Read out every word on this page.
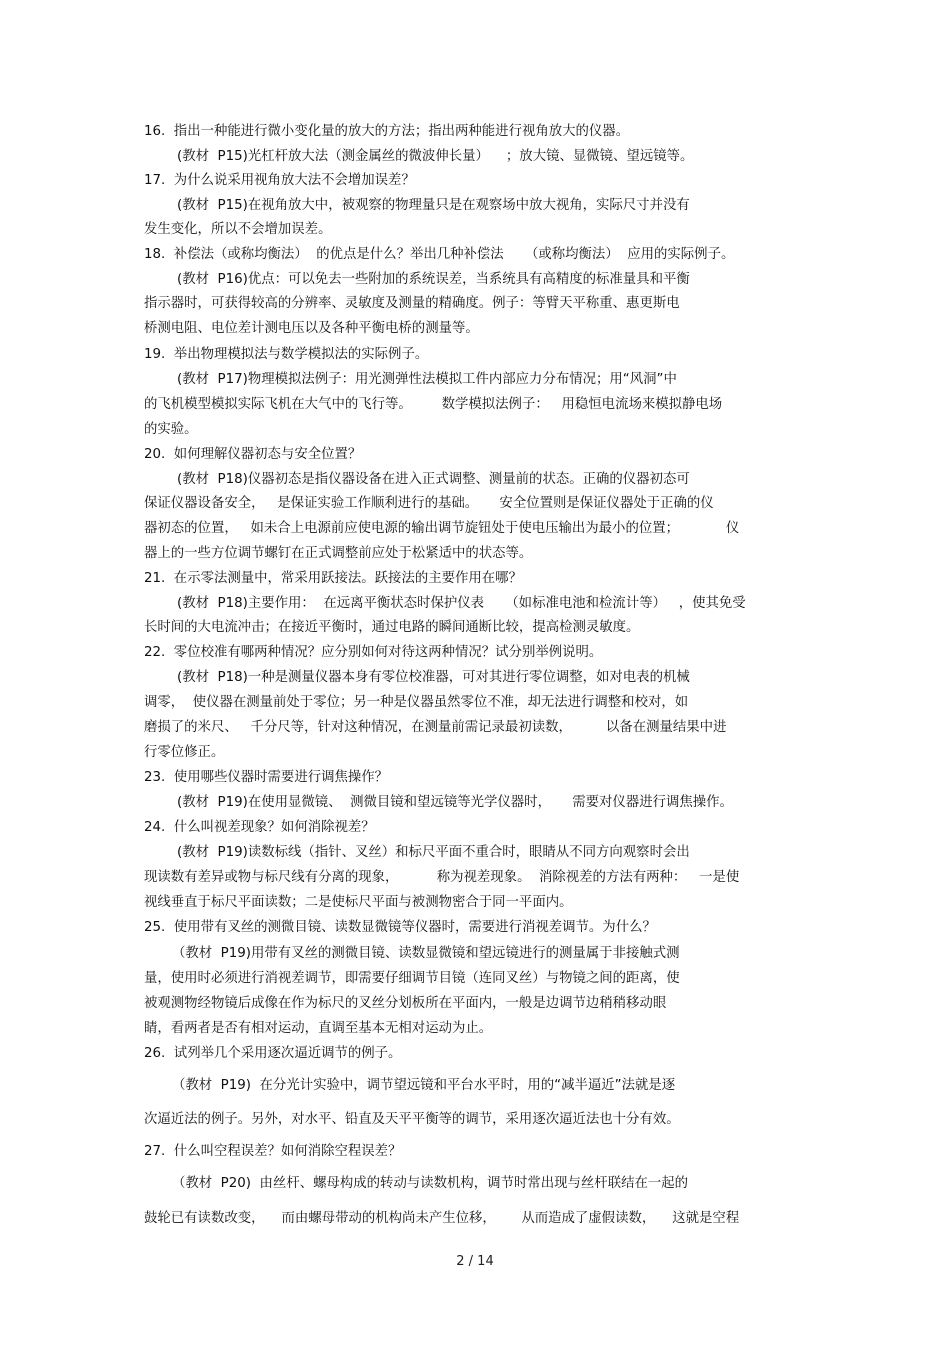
16.  指出一种能进行微小变化量的放大的方法；指出两种能进行视角放大的仪器。
(教材  P15)光杠杆放大法（测金属丝的微波伸长量）    ；放大镜、显微镜、望远镜等。
17.  为什么说采用视角放大法不会增加误差？
(教材  P15)在视角放大中，被观察的物理量只是在观察场中放大视角，实际尺寸并没有
发生变化，所以不会增加误差。
18.  补偿法（或称均衡法）  的优点是什么？举出几种补偿法     （或称均衡法）  应用的实际例子。
(教材  P16)优点：可以免去一些附加的系统误差，当系统具有高精度的标准量具和平衡
指示器时，可获得较高的分辨率、灵敏度及测量的精确度。例子：等臂天平称重、惠更斯电
桥测电阻、电位差计测电压以及各种平衡电桥的测量等。
19.  举出物理模拟法与数学模拟法的实际例子。
(教材  P17)物理模拟法例子：用光测弹性法模拟工件内部应力分布情况；用“风洞”中
的飞机模型模拟实际飞机在大气中的飞行等。       数学模拟法例子：   用稳恒电流场来模拟静电场
的实验。
20.  如何理解仪器初态与安全位置？
(教材  P18)仪器初态是指仪器设备在进入正式调整、测量前的状态。正确的仪器初态可
保证仪器设备安全，   是保证实验工作顺利进行的基础。     安全位置则是保证仪器处于正确的仪
器初态的位置，   如未合上电源前应使电源的输出调节旋钮处于使电压输出为最小的位置；           仪
器上的一些方位调节螺钉在正式调整前应处于松紧适中的状态等。
21.  在示零法测量中，常采用跃接法。跃接法的主要作用在哪？
(教材  P18)主要作用：  在远离平衡状态时保护仪表     （如标准电池和检流计等）   ，使其免受
长时间的大电流冲击；在接近平衡时，通过电路的瞬间通断比较，提高检测灵敏度。
22.  零位校准有哪两种情况？应分别如何对待这两种情况？试分别举例说明。
(教材  P18)一种是测量仪器本身有零位校准器，可对其进行零位调整，如对电表的机械
调零，  使仪器在测量前处于零位；另一种是仪器虽然零位不准，却无法进行调整和校对，如
磨损了的米尺、   千分尺等，针对这种情况，在测量前需记录最初读数，        以备在测量结果中进
行零位修正。
23.  使用哪些仪器时需要进行调焦操作？
(教材  P19)在使用显微镜、  测微目镜和望远镜等光学仪器时，     需要对仪器进行调焦操作。
24.  什么叫视差现象？如何消除视差？
(教材  P19)读数标线（指针、叉丝）和标尺平面不重合时，眼睛从不同方向观察时会出
现读数有差异或物与标尺线有分离的现象，         称为视差现象。  消除视差的方法有两种：   一是使
视线垂直于标尺平面读数；二是使标尺平面与被测物密合于同一平面内。
25.  使用带有叉丝的测微目镜、读数显微镜等仪器时，需要进行消视差调节。为什么？
（教材  P19)用带有叉丝的测微目镜、读数显微镜和望远镜进行的测量属于非接触式测
量，使用时必须进行消视差调节，即需要仔细调节目镜（连同叉丝）与物镜之间的距离，使
被观测物经物镜后成像在作为标尺的叉丝分划板所在平面内，一般是边调节边稍稍移动眼
睛，看两者是否有相对运动，直调至基本无相对运动为止。
26.  试列举几个采用逐次逼近调节的例子。
（教材  P19)  在分光计实验中，调节望远镜和平台水平时，用的“减半逼近”法就是逐
次逼近法的例子。另外，对水平、铅直及天平平衡等的调节，采用逐次逼近法也十分有效。
27.  什么叫空程误差？如何消除空程误差？
（教材  P20)  由丝杆、螺母构成的转动与读数机构，调节时常出现与丝杆联结在一起的
鼓轮已有读数改变，    而由螺母带动的机构尚未产生位移，      从而造成了虚假读数，    这就是空程
2 / 14
